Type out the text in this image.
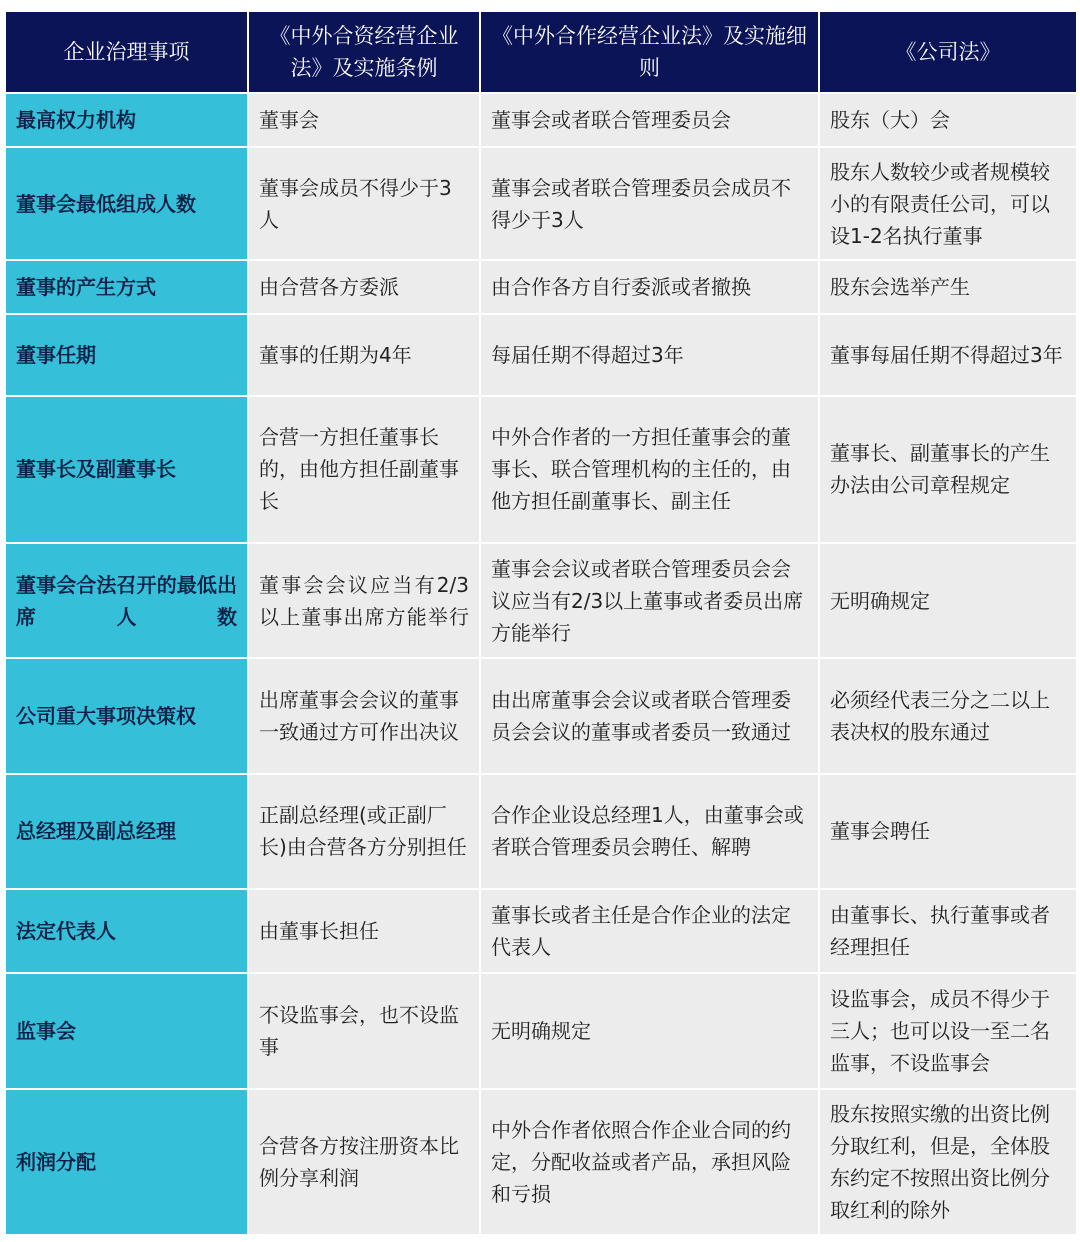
企业治理事项	《中外合资经营企业法》及实施条例	《中外合作经营企业法》及实施细则	《公司法》
最高权力机构	董事会	董事会或者联合管理委员会	股东（大）会
董事会最低组成人数	董事会成员不得少于3人	董事会或者联合管理委员会成员不得少于3人	股东人数较少或者规模较小的有限责任公司，可以设1-2名执行董事
董事的产生方式	由合营各方委派	由合作各方自行委派或者撤换	股东会选举产生
董事任期	董事的任期为4年	每届任期不得超过3年	董事每届任期不得超过3年
董事长及副董事长	合营一方担任董事长的，由他方担任副董事长	中外合作者的一方担任董事会的董事长、联合管理机构的主任的，由他方担任副董事长、副主任	董事长、副董事长的产生办法由公司章程规定
董事会合法召开的最低出席人数	董事会会议应当有2/3以上董事出席方能举行	董事会会议或者联合管理委员会会议应当有2/3以上董事或者委员出席方能举行	无明确规定
公司重大事项决策权	出席董事会会议的董事一致通过方可作出决议	由出席董事会会议或者联合管理委员会会议的董事或者委员一致通过	必须经代表三分之二以上表决权的股东通过
总经理及副总经理	正副总经理(或正副厂长)由合营各方分别担任	合作企业设总经理1人，由董事会或者联合管理委员会聘任、解聘	董事会聘任
法定代表人	由董事长担任	董事长或者主任是合作企业的法定代表人	由董事长、执行董事或者经理担任
监事会	不设监事会，也不设监事	无明确规定	设监事会，成员不得少于三人；也可以设一至二名监事，不设监事会
利润分配	合营各方按注册资本比例分享利润	中外合作者依照合作企业合同的约定，分配收益或者产品，承担风险和亏损	股东按照实缴的出资比例分取红利，但是，全体股东约定不按照出资比例分取红利的除外
